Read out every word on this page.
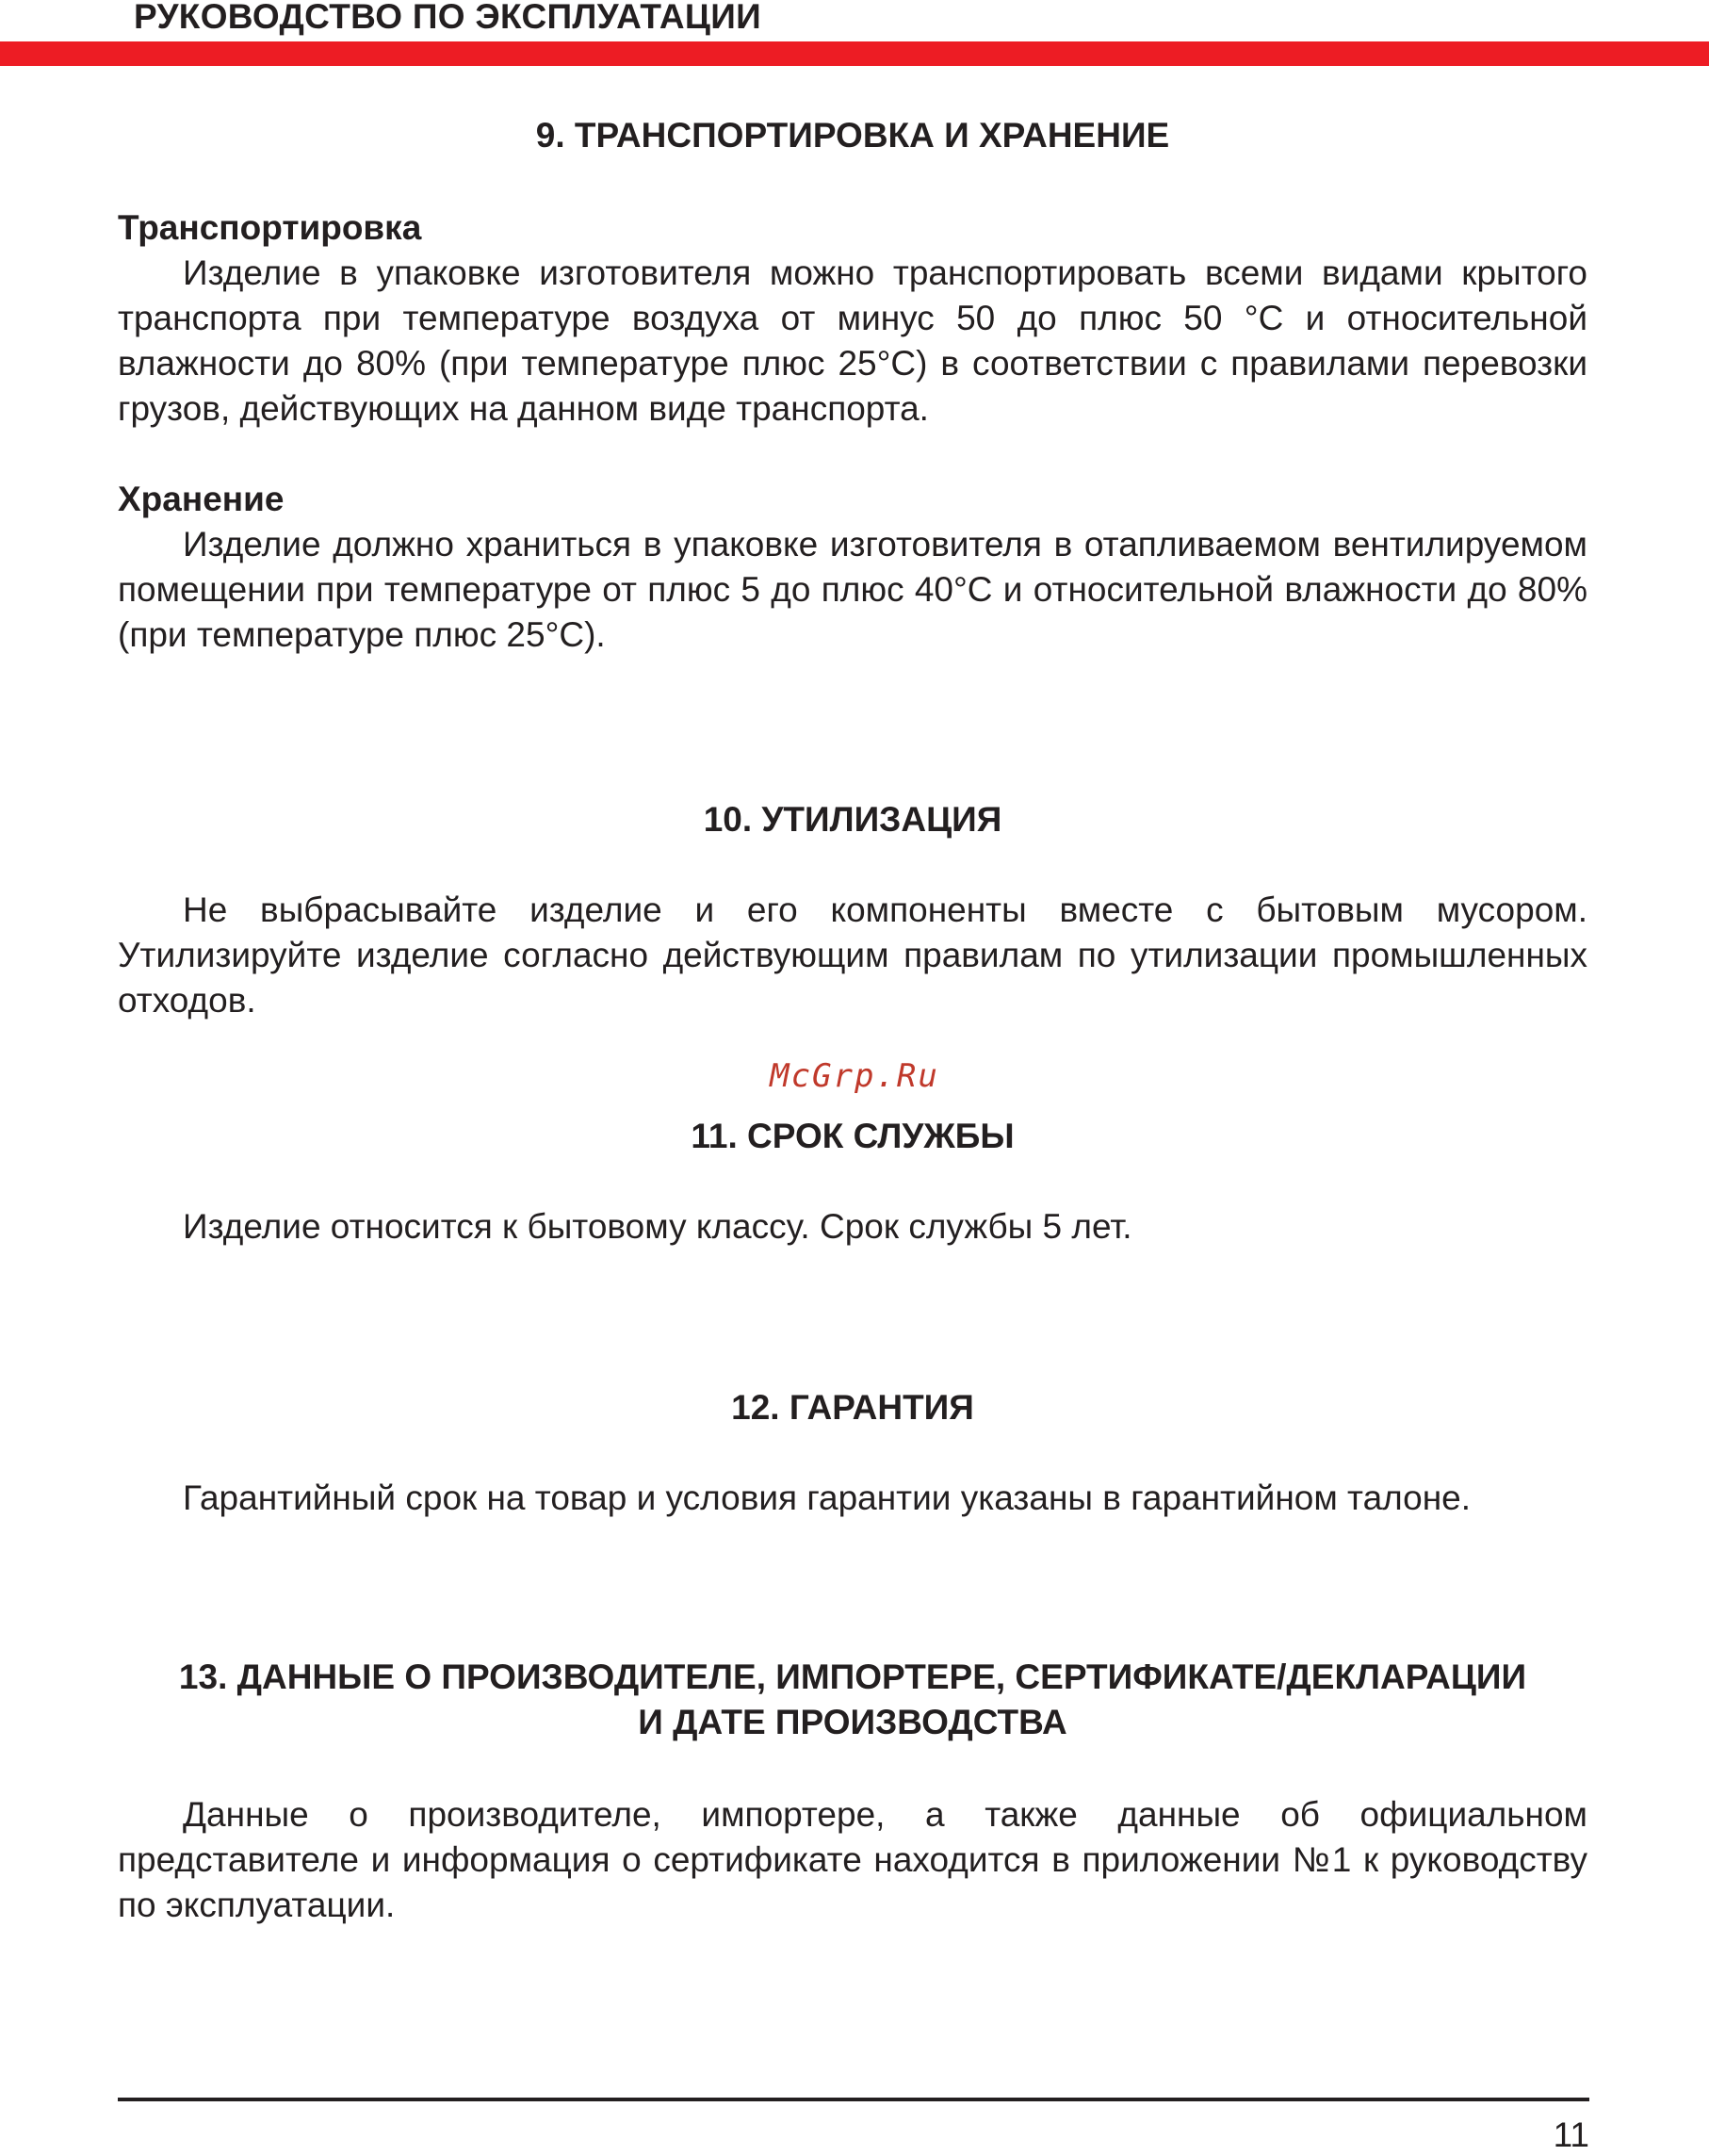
РУКОВОДСТВО ПО ЭКСПЛУАТАЦИИ
9. ТРАНСПОРТИРОВКА И ХРАНЕНИЕ
Транспортировка

Изделие в упаковке изготовителя можно транспортировать всеми видами крытого транспорта при температуре воздуха от минус 50 до плюс 50 °С и относительной влажности до 80% (при температуре плюс 25°С) в соответствии с правилами перевозки грузов, действующих на данном виде транспорта.

Хранение

Изделие должно храниться в упаковке изготовителя в отапливаемом вентилируемом помещении при температуре от плюс 5 до плюс 40°С и относительной влажности до 80% (при температуре плюс 25°С).

10. УТИЛИЗАЦИЯ

Не выбрасывайте изделие и его компоненты вместе с бытовым мусором. Утилизируйте изделие согласно действующим правилам по утилизации промышленных отходов.

McGrp.Ru
11. СРОК СЛУЖБЫ

Изделие относится к бытовому классу. Срок службы 5 лет.

12. ГАРАНТИЯ

Гарантийный срок на товар и условия гарантии указаны в гарантийном талоне.

13. ДАННЫЕ О ПРОИЗВОДИТЕЛЕ, ИМПОРТЕРЕ, СЕРТИФИКАТЕ/ДЕКЛАРАЦИИ
И ДАТЕ ПРОИЗВОДСТВА

Данные о производителе, импортере, а также данные об официальном представителе и информация о сертификате находится в приложении №1 к руководству по эксплуатации.

11
